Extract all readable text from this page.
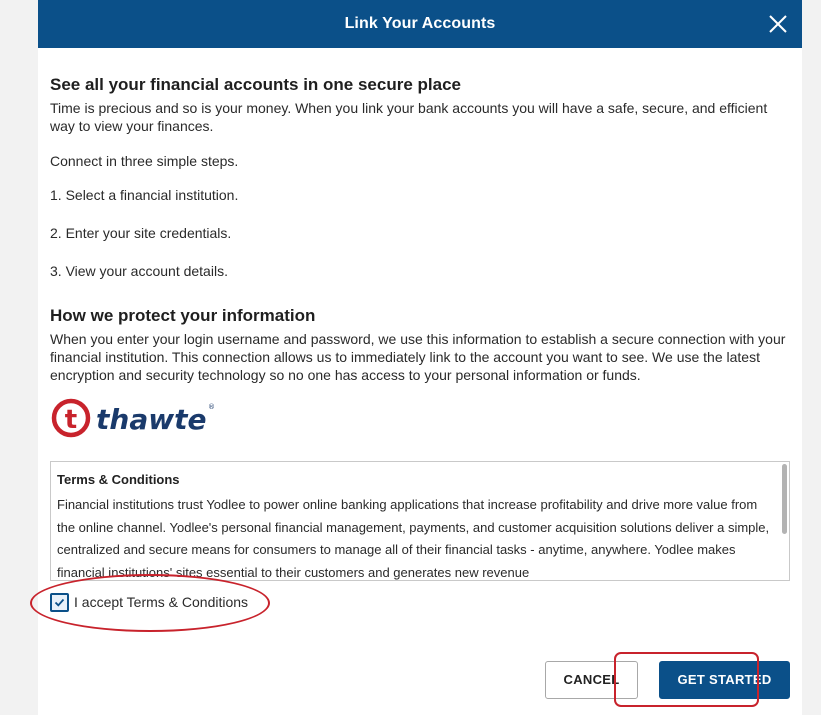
Link Your Accounts
See all your financial accounts in one secure place

Time is precious and so is your money. When you link your bank accounts you will have a safe, secure, and efficient way to view your finances.

Connect in three simple steps.

1. Select a financial institution.

2. Enter your site credentials.

3. View your account details.

How we protect your information

When you enter your login username and password, we use this information to establish a secure connection with your financial institution. This connection allows us to immediately link to the account you want to see. We use the latest encryption and security technology so no one has access to your personal information or funds.

t thawte ®
Terms & Conditions
Financial institutions trust Yodlee to power online banking applications that increase profitability and drive more value from the online channel. Yodlee's personal financial management, payments, and customer acquisition solutions deliver a simple, centralized and secure means for consumers to manage all of their financial tasks - anytime, anywhere. Yodlee makes financial institutions' sites essential to their customers and generates new revenue
I accept Terms & Conditions
CANCEL	GET STARTED
